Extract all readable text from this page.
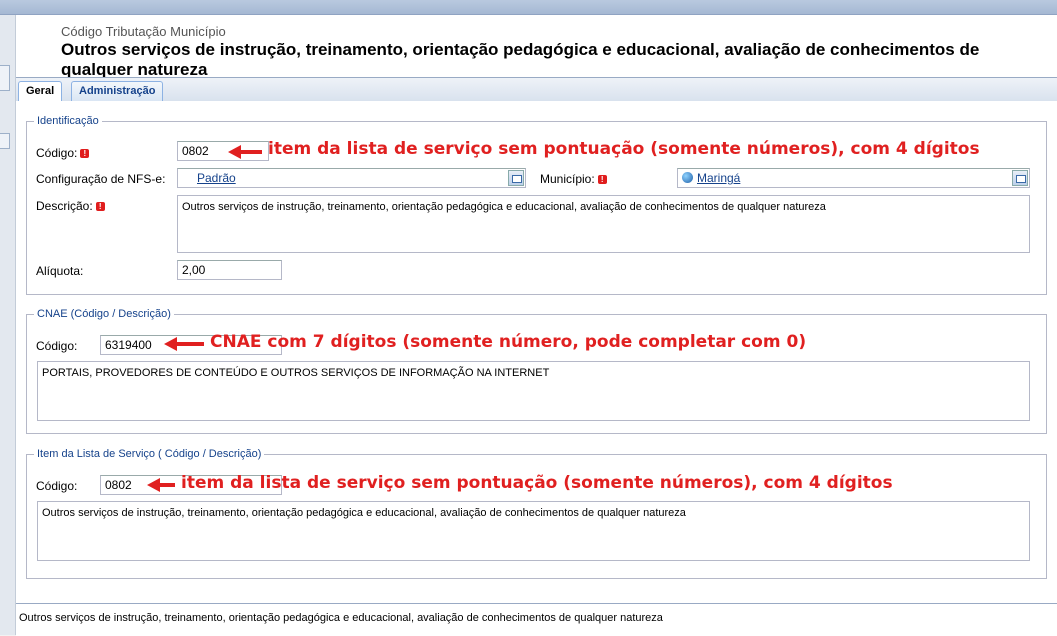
Código Tributação Município
Outros serviços de instrução, treinamento, orientação pedagógica e educacional, avaliação de conhecimentos de qualquer natureza
Geral	Administração
Identificação
Código: !	0802
Configuração de NFS-e:	Padrão	Município: !	Maringá
Descrição: !	Outros serviços de instrução, treinamento, orientação pedagógica e educacional, avaliação de conhecimentos de qualquer natureza
Alíquota:	2,00
CNAE (Código / Descrição)
Código:	6319400
PORTAIS, PROVEDORES DE CONTEÚDO E OUTROS SERVIÇOS DE INFORMAÇÃO NA INTERNET
Item da Lista de Serviço ( Código / Descrição)
Código:	0802
Outros serviços de instrução, treinamento, orientação pedagógica e educacional, avaliação de conhecimentos de qualquer natureza
item da lista de serviço sem pontuação (somente números), com 4 dígitos
CNAE com 7 dígitos (somente número, pode completar com 0)
item da lista de serviço sem pontuação (somente números), com 4 dígitos
Outros serviços de instrução, treinamento, orientação pedagógica e educacional, avaliação de conhecimentos de qualquer natureza
